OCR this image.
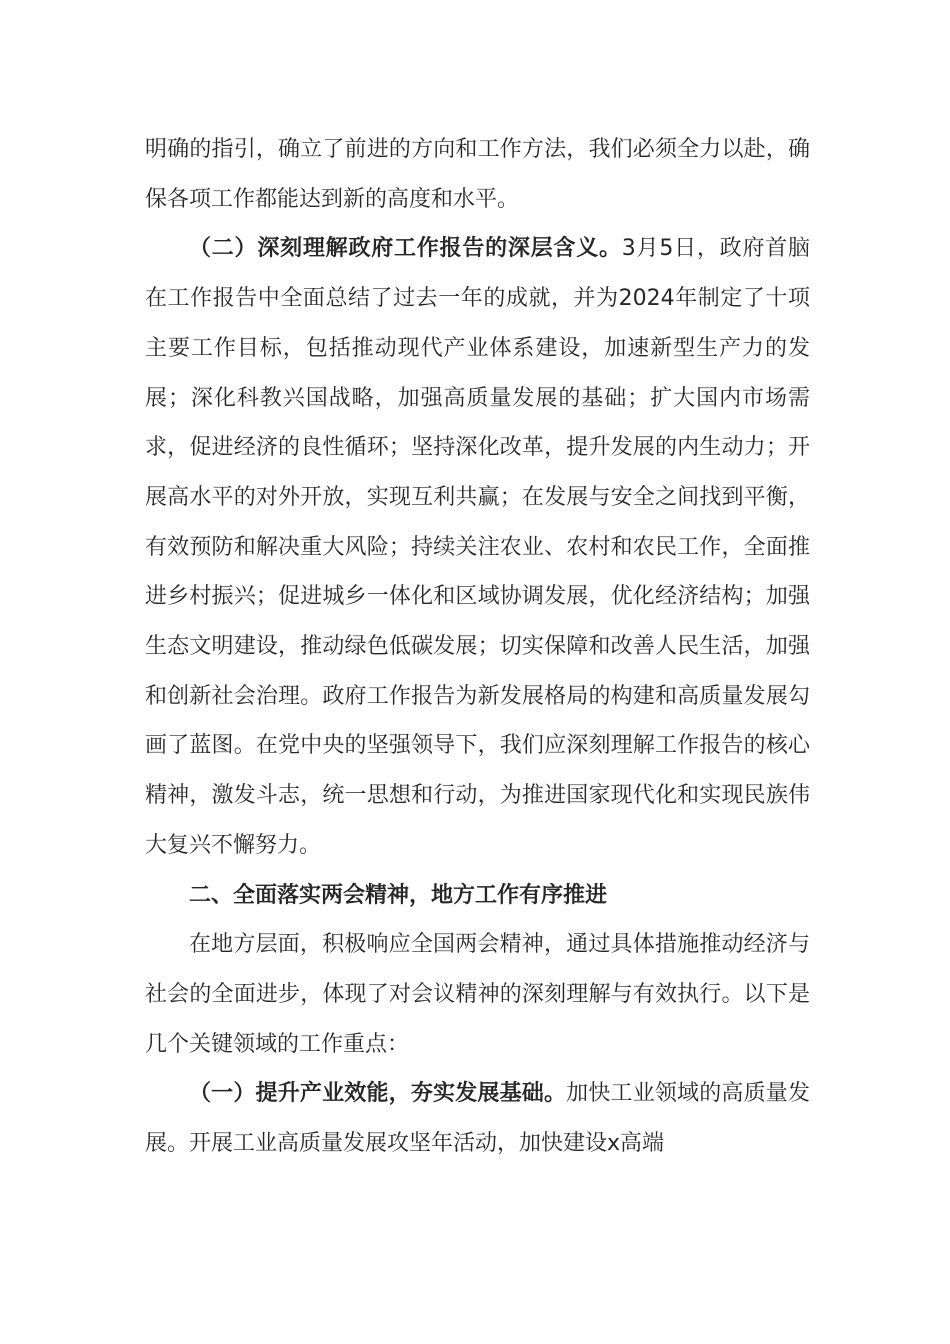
明确的指引，确立了前进的方向和工作方法，我们必须全力以赴，确保各项工作都能达到新的高度和水平。

（二）深刻理解政府工作报告的深层含义。3月5日，政府首脑在工作报告中全面总结了过去一年的成就，并为2024年制定了十项主要工作目标，包括推动现代产业体系建设，加速新型生产力的发展；深化科教兴国战略，加强高质量发展的基础；扩大国内市场需求，促进经济的良性循环；坚持深化改革，提升发展的内生动力；开展高水平的对外开放，实现互利共赢；在发展与安全之间找到平衡，有效预防和解决重大风险；持续关注农业、农村和农民工作，全面推进乡村振兴；促进城乡一体化和区域协调发展，优化经济结构；加强生态文明建设，推动绿色低碳发展；切实保障和改善人民生活，加强和创新社会治理。政府工作报告为新发展格局的构建和高质量发展勾画了蓝图。在党中央的坚强领导下，我们应深刻理解工作报告的核心精神，激发斗志，统一思想和行动，为推进国家现代化和实现民族伟大复兴不懈努力。

二、全面落实两会精神，地方工作有序推进

在地方层面，积极响应全国两会精神，通过具体措施推动经济与社会的全面进步，体现了对会议精神的深刻理解与有效执行。以下是几个关键领域的工作重点：

（一）提升产业效能，夯实发展基础。加快工业领域的高质量发展。开展工业高质量发展攻坚年活动，加快建设x高端
